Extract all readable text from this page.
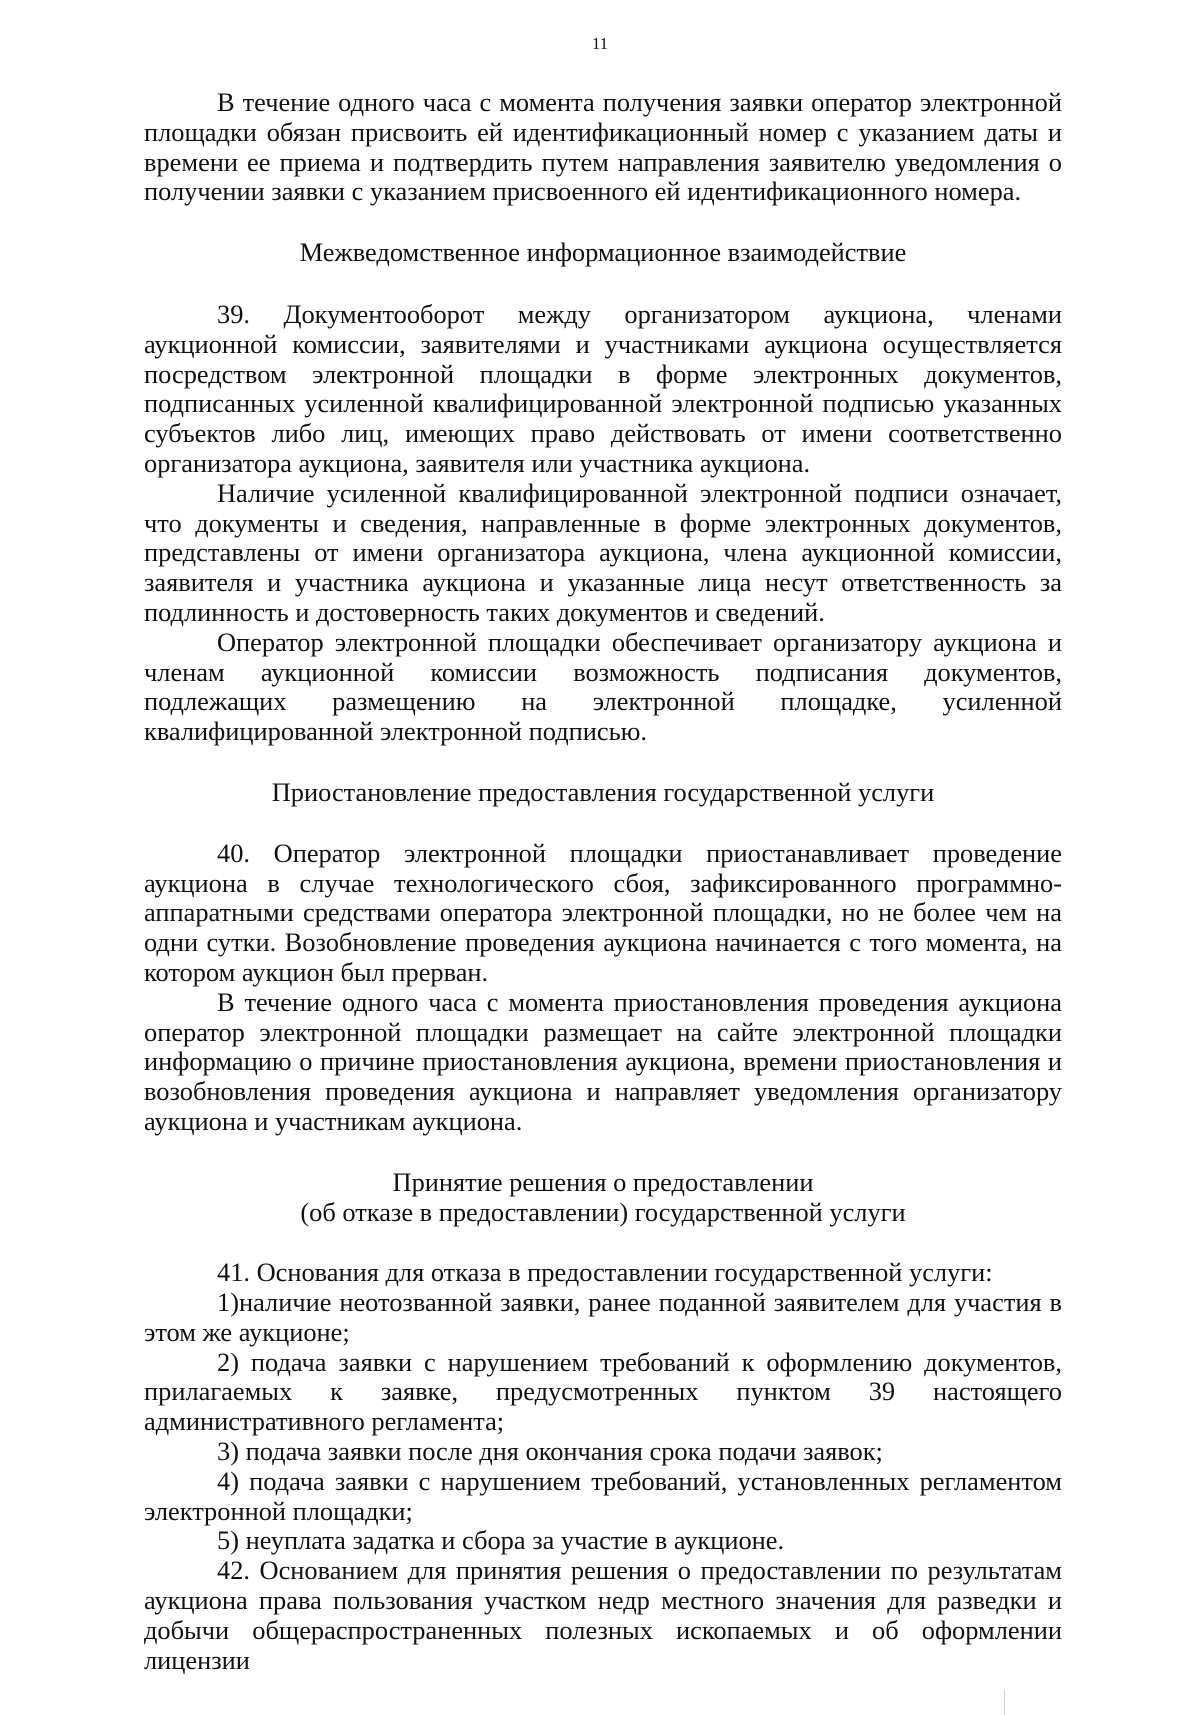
11

В течение одного часа с момента получения заявки оператор электронной площадки обязан присвоить ей идентификационный номер с указанием даты и времени ее приема и подтвердить путем направления заявителю уведомления о получении заявки с указанием присвоенного ей идентификационного номера.

Межведомственное информационное взаимодействие

39. Документооборот между организатором аукциона, членами аукционной комиссии, заявителями и участниками аукциона осуществляется посредством электронной площадки в форме электронных документов, подписанных усиленной квалифицированной электронной подписью указанных субъектов либо лиц, имеющих право действовать от имени соответственно организатора аукциона, заявителя или участника аукциона.

Наличие усиленной квалифицированной электронной подписи означает, что документы и сведения, направленные в форме электронных документов, представлены от имени организатора аукциона, члена аукционной комиссии, заявителя и участника аукциона и указанные лица несут ответственность за подлинность и достоверность таких документов и сведений.

Оператор электронной площадки обеспечивает организатору аукциона и членам аукционной комиссии возможность подписания документов, подлежащих размещению на электронной площадке, усиленной квалифицированной электронной подписью.

Приостановление предоставления государственной услуги

40. Оператор электронной площадки приостанавливает проведение аукциона в случае технологического сбоя, зафиксированного программно-аппаратными средствами оператора электронной площадки, но не более чем на одни сутки. Возобновление проведения аукциона начинается с того момента, на котором аукцион был прерван.

В течение одного часа с момента приостановления проведения аукциона оператор электронной площадки размещает на сайте электронной площадки информацию о причине приостановления аукциона, времени приостановления и возобновления проведения аукциона и направляет уведомления организатору аукциона и участникам аукциона.

Принятие решения о предоставлении
(об отказе в предоставлении) государственной услуги

41. Основания для отказа в предоставлении государственной услуги:

1)наличие неотозванной заявки, ранее поданной заявителем для участия в этом же аукционе;

2) подача заявки с нарушением требований к оформлению документов, прилагаемых к заявке, предусмотренных пунктом 39 настоящего административного регламента;

3) подача заявки после дня окончания срока подачи заявок;

4) подача заявки с нарушением требований, установленных регламентом электронной площадки;

5) неуплата задатка и сбора за участие в аукционе.

42. Основанием для принятия решения о предоставлении по результатам аукциона права пользования участком недр местного значения для разведки и добычи общераспространенных полезных ископаемых и об оформлении лицензии
